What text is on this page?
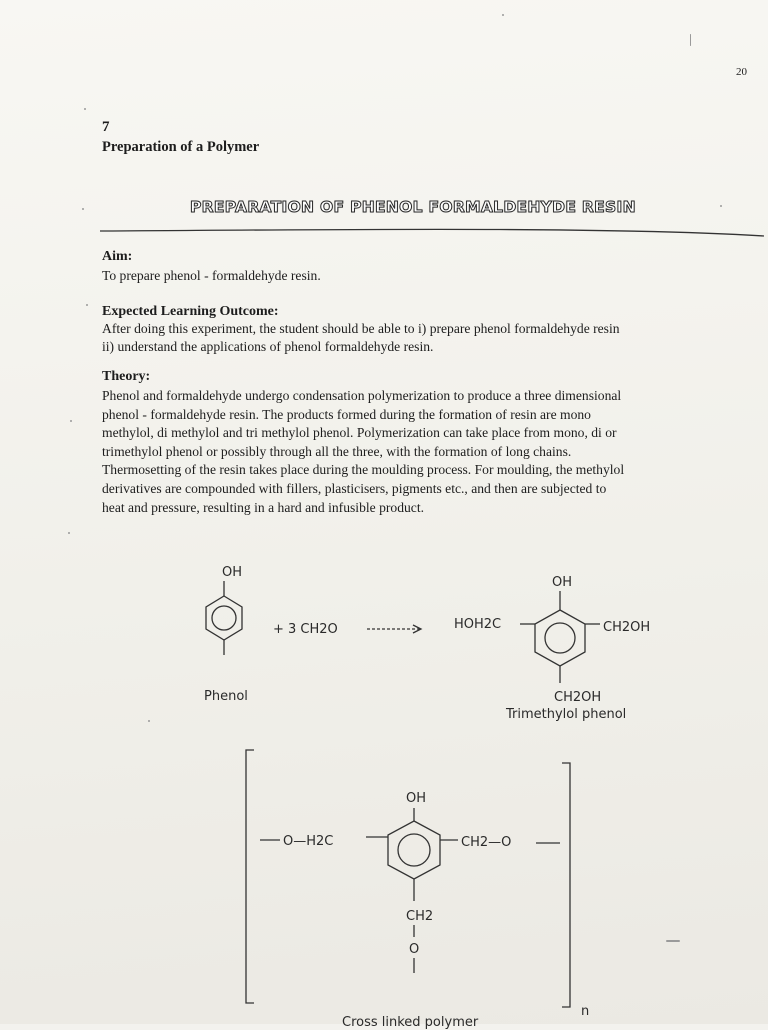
20
7
Preparation of a Polymer
PREPARATION OF PHENOL FORMALDEHYDE RESIN
Aim:
To prepare phenol - formaldehyde resin.
Expected Learning Outcome:
After doing this experiment, the student should be able to i) prepare phenol formaldehyde resin
ii) understand the applications of phenol formaldehyde resin.
Theory:
Phenol and formaldehyde undergo condensation polymerization to produce a three dimensional
phenol - formaldehyde resin. The products formed during the formation of resin are mono
methylol, di methylol and tri methylol phenol. Polymerization can take place from mono, di or
trimethylol phenol or possibly through all the three, with the formation of long chains.
Thermosetting of the resin takes place during the moulding process. For moulding, the methylol
derivatives are compounded with fillers, plasticisers, pigments etc., and then are subjected to
heat and pressure, resulting in a hard and infusible product.
OH
+ 3 CH2O
OH
HOH2C	CH2OH
CH2OH
Phenol
Trimethylol phenol
n
OH
O—H2C	CH2—O
CH2
O
Cross linked polymer
